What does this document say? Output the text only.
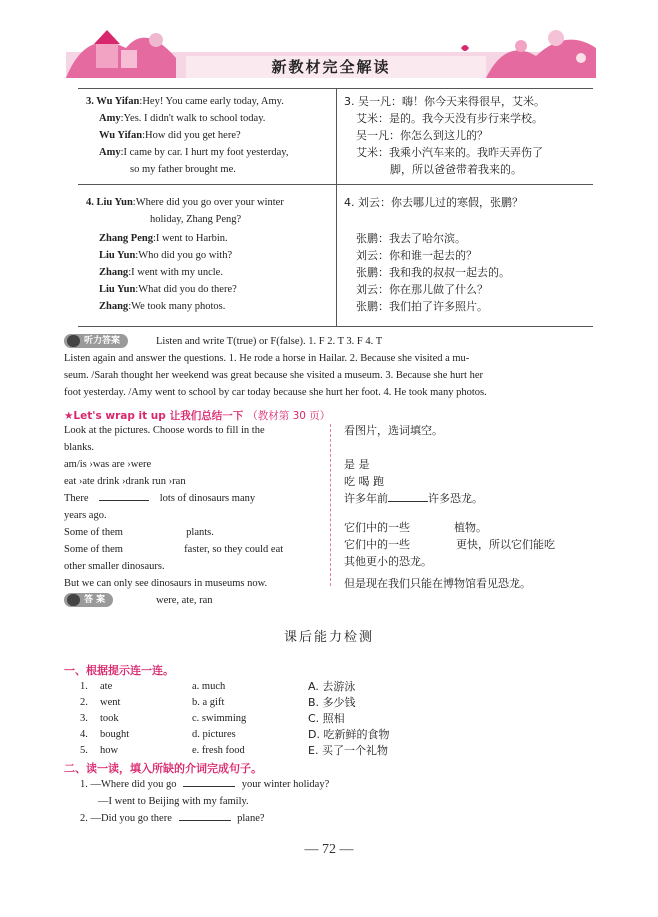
新教材完全解读
3. Wu Yifan:Hey! You came early today, Amy.
Amy:Yes. I didn't walk to school today.
Wu Yifan:How did you get here?
Amy:I came by car. I hurt my foot yesterday,
so my father brought me.
3. 吴一凡：嗨！你今天来得很早，艾米。
艾米：是的。我今天没有步行来学校。
吴一凡：你怎么到这儿的？
艾米：我乘小汽车来的。我昨天弄伤了
脚，所以爸爸带着我来的。
4. Liu Yun:Where did you go over your winter
holiday, Zhang Peng?
Zhang Peng:I went to Harbin.
Liu Yun:Who did you go with?
Zhang:I went with my uncle.
Liu Yun:What did you do there?
Zhang:We took many photos.
4. 刘云：你去哪儿过的寒假，张鹏？
张鹏：我去了哈尔滨。
刘云：你和谁一起去的？
张鹏：我和我的叔叔一起去的。
刘云：你在那儿做了什么？
张鹏：我们拍了许多照片。
听力答案	Listen and write T(true) or F(false). 1. F 2. T 3. F 4. T
Listen again and answer the questions. 1. He rode a horse in Hailar. 2. Because she visited a mu-
seum. /Sarah thought her weekend was great because she visited a museum. 3. Because she hurt her
foot yesterday. /Amy went to school by car today because she hurt her foot. 4. He took many photos.
★Let's wrap it up 让我们总结一下 （教材第 30 页）
Look at the pictures. Choose words to fill in the
blanks.
am/is ›was are ›were
eat ›ate drink ›drank run ›ran
There	lots of dinosaurs many
years ago.
Some of them	plants.
Some of them	faster, so they could eat
other smaller dinosaurs.
But we can only see dinosaurs in museums now.
看图片，选词填空。
是 是
吃 喝 跑
许多年前	许多恐龙。
它们中的一些	植物。
它们中的一些	更快，所以它们能吃
其他更小的恐龙。
但是现在我们只能在博物馆看见恐龙。
答 案	were, ate, ran
课后能力检测
一、根据提示连一连。
1. ate	a. much	A. 去游泳
2. went	b. a gift	B. 多少钱
3. took	c. swimming	C. 照相
4. bought	d. pictures	D. 吃新鲜的食物
5. how	e. fresh food	E. 买了一个礼物
二、读一读，填入所缺的介词完成句子。
1. —Where did you go	your winter holiday?
—I went to Beijing with my family.
2. —Did you go there	plane?
— 72 —
